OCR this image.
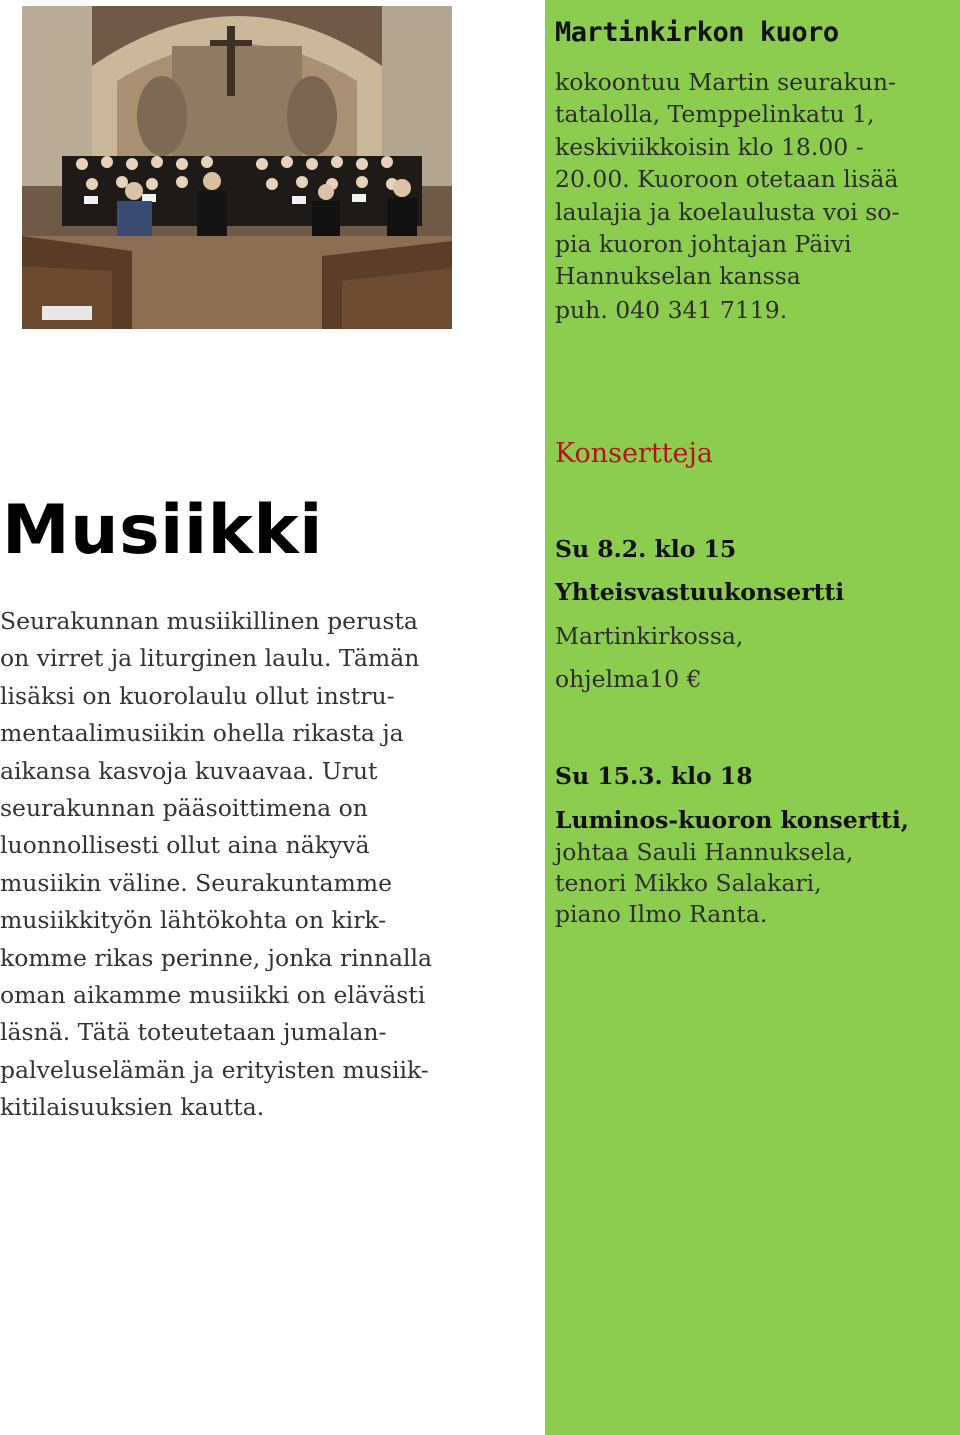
Musiikki

Seurakunnan musiikillinen perusta
on virret ja liturginen laulu. Tämän
lisäksi on kuorolaulu ollut instru-
mentaalimusiikin ohella rikasta ja
aikansa kasvoja kuvaavaa. Urut
seurakunnan pääsoittimena on
luonnollisesti ollut aina näkyvä
musiikin väline. Seurakuntamme
musiikkityön lähtökohta on kirk-
komme rikas perinne, jonka rinnalla
oman aikamme musiikki on elävästi
läsnä. Tätä toteutetaan jumalan-
palveluselämän ja erityisten musiik-
kitilaisuuksien kautta.

Martinkirkon kuoro
kokoontuu Martin seurakun-
tatalolla, Temppelinkatu 1,
keskiviikkoisin klo 18.00 -
20.00. Kuoroon otetaan lisää
laulajia ja koelaulusta voi so-
pia kuoron johtajan Päivi
Hannukselan kanssa
puh. 040 341 7119.
Konsertteja
Su 8.2. klo 15
Yhteisvastuukonsertti
Martinkirkossa,
ohjelma10 €
Su 15.3. klo 18
Luminos-kuoron konsertti,
johtaa Sauli Hannuksela,
tenori Mikko Salakari,
piano Ilmo Ranta.
